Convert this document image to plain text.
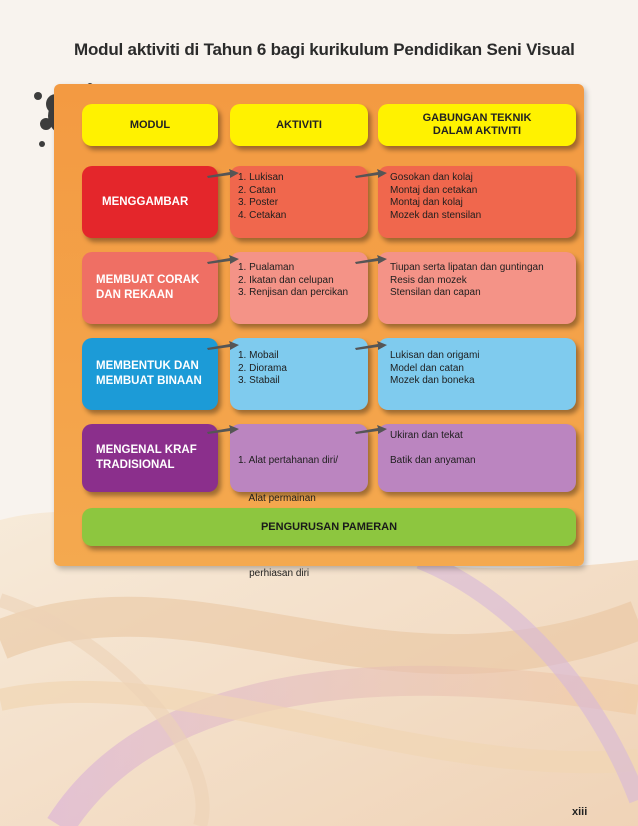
Modul aktiviti di Tahun 6 bagi kurikulum Pendidikan Seni Visual
MODUL	AKTIVITI
GABUNGAN TEKNIK
DALAM AKTIVITI
MENGGAMBAR
1. Lukisan
2. Catan
3. Poster
4. Cetakan
Gosokan dan kolaj
Montaj dan cetakan
Montaj dan kolaj
Mozek dan stensilan
MEMBUAT CORAK
DAN REKAAN
1. Pualaman
2. Ikatan dan celupan
3. Renjisan dan percikan
Tiupan serta lipatan dan guntingan
Resis dan mozek
Stensilan dan capan
MEMBENTUK DAN
MEMBUAT BINAAN
1. Mobail
2. Diorama
3. Stabail
Lukisan dan origami
Model dan catan
Mozek dan boneka
MENGENAL KRAF
TRADISIONAL

	1. Alat pertahanan diri/

Alat permainan

perhiasan diri

Ukiran dan tekat
Batik dan anyaman
PENGURUSAN PAMERAN
xiii
